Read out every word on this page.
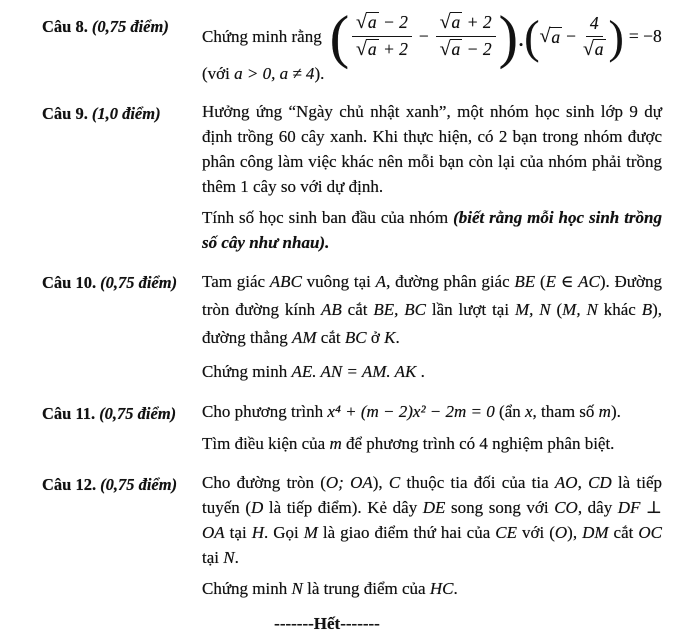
Câu 8. (0,75 điểm)
Chứng minh rằng ( $\frac{√a - 2}{√a + 2} - \frac{√a + 2}{√a - 2}$ ) . ( √ $a - \frac{4}{√a}$ ) = −8

(với a > 0, a ≠ 4).

Câu 9. (1,0 điểm)	Hưởng ứng “Ngày chủ nhật xanh”, một nhóm học sinh lớp 9 dự định trồng 60 cây xanh. Khi thực hiện, có 2 bạn trong nhóm được phân công làm việc khác nên mỗi bạn còn lại của nhóm phải trồng thêm 1 cây so với dự định.

Tính số học sinh ban đầu của nhóm (biết rằng mỗi học sinh trồng số cây như nhau).

Câu 10. (0,75 điểm)	Tam giác ABC vuông tại A, đường phân giác BE (E ∈ AC). Đường tròn đường kính AB cắt BE, BC lần lượt tại M, N (M, N khác B), đường thẳng AM cắt BC ở K.

Chứng minh AE. AN = AM. AK .

Câu 11. (0,75 điểm)	Cho phương trình x⁴ + (m − 2)x² − 2m = 0 (ẩn x, tham số m).

Tìm điều kiện của m để phương trình có 4 nghiệm phân biệt.

Câu 12. (0,75 điểm)	Cho đường tròn (O; OA), C thuộc tia đối của tia AO, CD là tiếp tuyến (D là tiếp điểm). Kẻ dây DE song song với CO, dây DF ⊥ OA tại H. Gọi M là giao điểm thứ hai của CE với (O), DM cắt OC tại N.

Chứng minh N là trung điểm của HC.

-------Hết-------
